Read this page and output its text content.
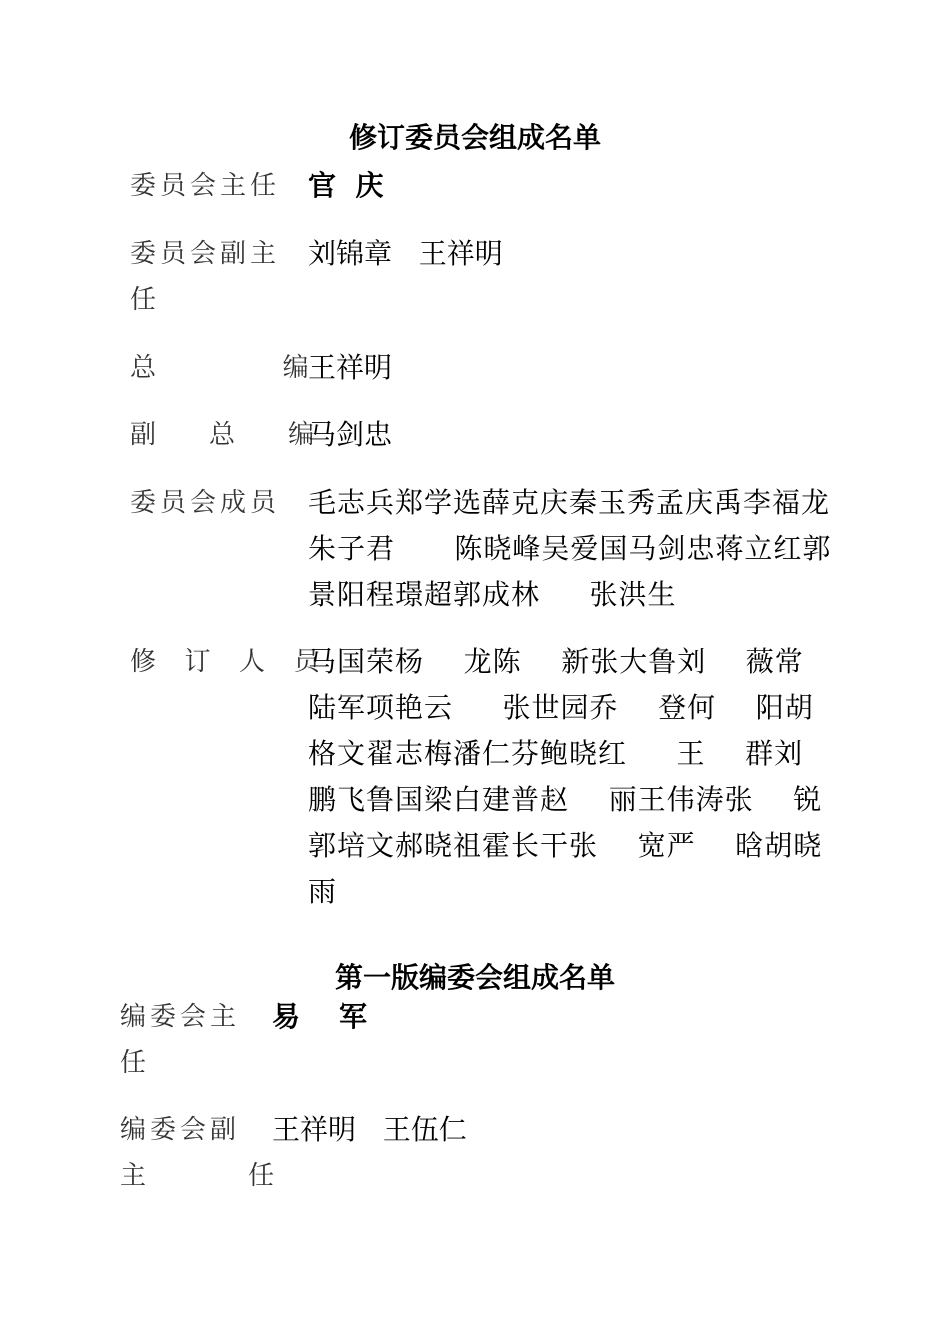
修订委员会组成名单
委员会主任 官  庆
委员会副主
任
刘锦章   王祥明
总          编
王祥明
副    总    编
马剑忠
委员会成员 毛志兵郑学选薛克庆秦玉秀孟庆禹李福龙朱子君      陈晓峰吴爱国马剑忠蒋立红郭景阳程璟超郭成林     张洪生
修  订  人  员
马国荣杨    龙陈    新张大鲁刘    薇常陆军项艳云     张世园乔    登何    阳胡格文翟志梅潘仁芬鲍晓红     王    群刘鹏飞鲁国梁白建普赵    丽王伟涛张    锐郭培文郝晓祖霍长干张    宽严    晗胡晓雨
第一版编委会组成名单
编委会主
任
易    军
编委会副
主        任
王祥明   王伍仁
